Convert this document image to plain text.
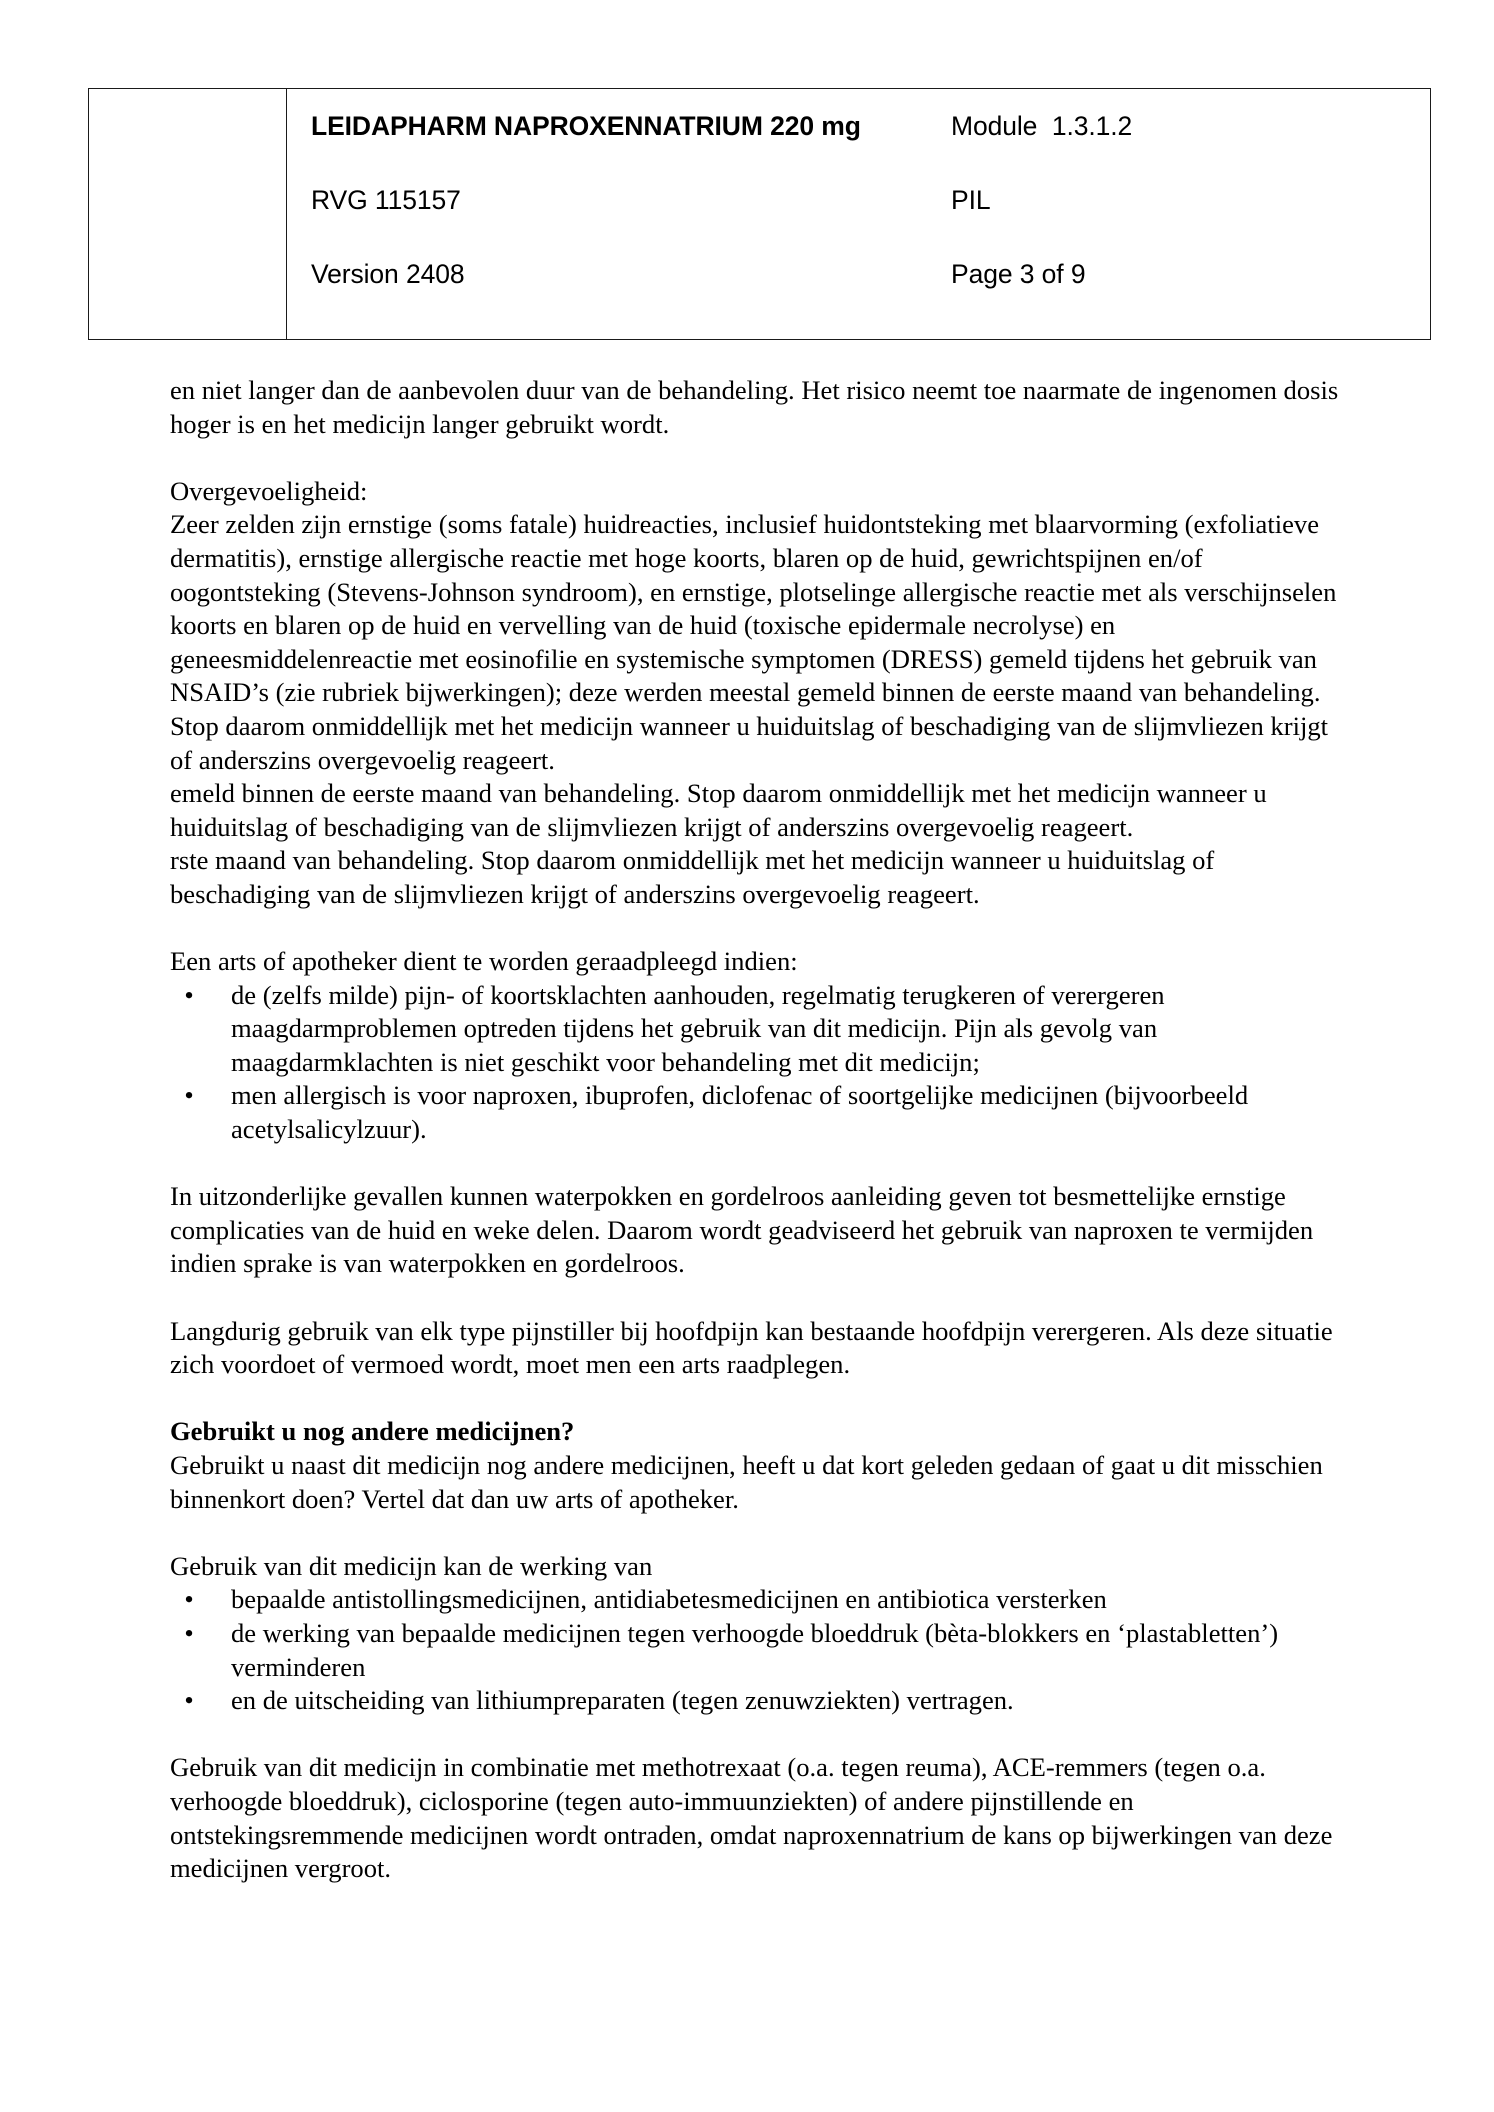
LEIDAPHARM NAPROXENNATRIUM 220 mg	Module  1.3.1.2
RVG 115157	PIL
Version 2408	Page 3 of 9

en niet langer dan de aanbevolen duur van de behandeling. Het risico neemt toe naarmate de ingenomen dosis hoger is en het medicijn langer gebruikt wordt.

Overgevoeligheid:

Zeer zelden zijn ernstige (soms fatale) huidreacties, inclusief huidontsteking met blaarvorming (exfoliatieve dermatitis), ernstige allergische reactie met hoge koorts, blaren op de huid, gewrichtspijnen en/of oogontsteking (Stevens-Johnson syndroom), en ernstige, plotselinge allergische reactie met als verschijnselen koorts en blaren op de huid en vervelling van de huid (toxische epidermale necrolyse) en geneesmiddelenreactie met eosinofilie en systemische symptomen (DRESS) gemeld tijdens het gebruik van NSAID’s (zie rubriek bijwerkingen); deze werden meestal gemeld binnen de eerste maand van behandeling. Stop daarom onmiddellijk met het medicijn wanneer u huiduitslag of beschadiging van de slijmvliezen krijgt of anderszins overgevoelig reageert.

emeld binnen de eerste maand van behandeling. Stop daarom onmiddellijk met het medicijn wanneer u huiduitslag of beschadiging van de slijmvliezen krijgt of anderszins overgevoelig reageert.

rste maand van behandeling. Stop daarom onmiddellijk met het medicijn wanneer u huiduitslag of beschadiging van de slijmvliezen krijgt of anderszins overgevoelig reageert.

Een arts of apotheker dient te worden geraadpleegd indien:

• de (zelfs milde) pijn- of koortsklachten aanhouden, regelmatig terugkeren of verergeren maagdarmproblemen optreden tijdens het gebruik van dit medicijn. Pijn als gevolg van maagdarmklachten is niet geschikt voor behandeling met dit medicijn;
• men allergisch is voor naproxen, ibuprofen, diclofenac of soortgelijke medicijnen (bijvoorbeeld acetylsalicylzuur).

In uitzonderlijke gevallen kunnen waterpokken en gordelroos aanleiding geven tot besmettelijke ernstige complicaties van de huid en weke delen. Daarom wordt geadviseerd het gebruik van naproxen te vermijden indien sprake is van waterpokken en gordelroos.

Langdurig gebruik van elk type pijnstiller bij hoofdpijn kan bestaande hoofdpijn verergeren. Als deze situatie zich voordoet of vermoed wordt, moet men een arts raadplegen.

Gebruikt u nog andere medicijnen?

Gebruikt u naast dit medicijn nog andere medicijnen, heeft u dat kort geleden gedaan of gaat u dit misschien binnenkort doen? Vertel dat dan uw arts of apotheker.

Gebruik van dit medicijn kan de werking van

• bepaalde antistollingsmedicijnen, antidiabetesmedicijnen en antibiotica versterken
• de werking van bepaalde medicijnen tegen verhoogde bloeddruk (bèta-blokkers en ‘plastabletten’) verminderen
• en de uitscheiding van lithiumpreparaten (tegen zenuwziekten) vertragen.

Gebruik van dit medicijn in combinatie met methotrexaat (o.a. tegen reuma), ACE-remmers (tegen o.a. verhoogde bloeddruk), ciclosporine (tegen auto-immuunziekten) of andere pijnstillende en ontstekingsremmende medicijnen wordt ontraden, omdat naproxennatrium de kans op bijwerkingen van deze medicijnen vergroot.
